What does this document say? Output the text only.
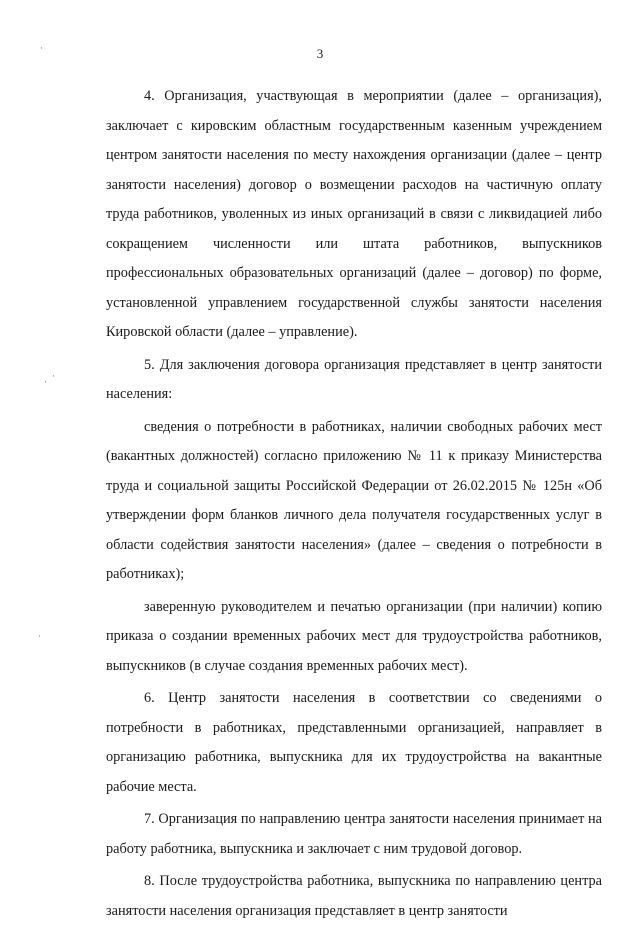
3
·
·
·
·

4. Организация, участвующая в мероприятии (далее – организация), заключает с кировским областным государственным казенным учреждением центром занятости населения по месту нахождения организации (далее – центр занятости населения) договор о возмещении расходов на частичную оплату труда работников, уволенных из иных организаций в связи с ликвидацией либо сокращением численности или штата работников, выпускников профессиональных образовательных организаций (далее – договор) по форме, установленной управлением государственной службы занятости населения Кировской области (далее – управление).

5. Для заключения договора организация представляет в центр занятости населения:

сведения о потребности в работниках, наличии свободных рабочих мест (вакантных должностей) согласно приложению № 11 к приказу Министерства труда и социальной защиты Российской Федерации от 26.02.2015 № 125н «Об утверждении форм бланков личного дела получателя государственных услуг в области содействия занятости населения» (далее – сведения о потребности в работниках);

заверенную руководителем и печатью организации (при наличии) копию приказа о создании временных рабочих мест для трудоустройства работников, выпускников (в случае создания временных рабочих мест).

6. Центр занятости населения в соответствии со сведениями о потребности в работниках, представленными организацией, направляет в организацию работника, выпускника для их трудоустройства на вакантные рабочие места.

7. Организация по направлению центра занятости населения принимает на работу работника, выпускника и заключает с ним трудовой договор.

8. После трудоустройства работника, выпускника по направлению центра занятости населения организация представляет в центр занятости
